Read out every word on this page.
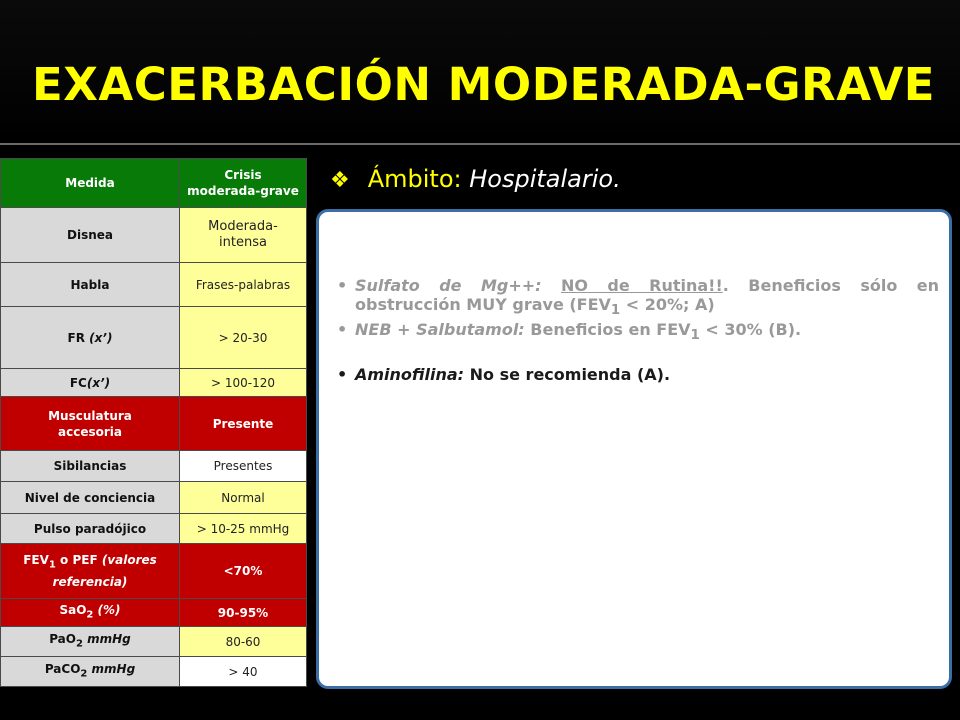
EXACERBACIÓN MODERADA-GRAVE
Medida	Crisis
moderada-grave
Disnea	Moderada-
intensa
Habla	Frases-palabras
FR (x’)	> 20-30
FC(x’)	> 100-120
Musculatura
accesoria	Presente
Sibilancias	Presentes
Nivel de conciencia	Normal
Pulso paradójico	> 10-25 mmHg
$FEV_1$ o PEF (valores
referencia)	<70%
SaO$_2$ (%)	90-95%
PaO$_2$ mmHg	80-60
PaCO$_2$ mmHg	> 40
❖ Ámbito: Hospitalario.
• Sulfato de Mg++: NO de Rutina!!. Beneficios sólo en obstrucción MUY grave ($FEV_1 < 20\%$; A)
• NEB + Salbutamol: Beneficios en $FEV_1 < 30\%$ (B).
• Aminofilina: No se recomienda (A).
